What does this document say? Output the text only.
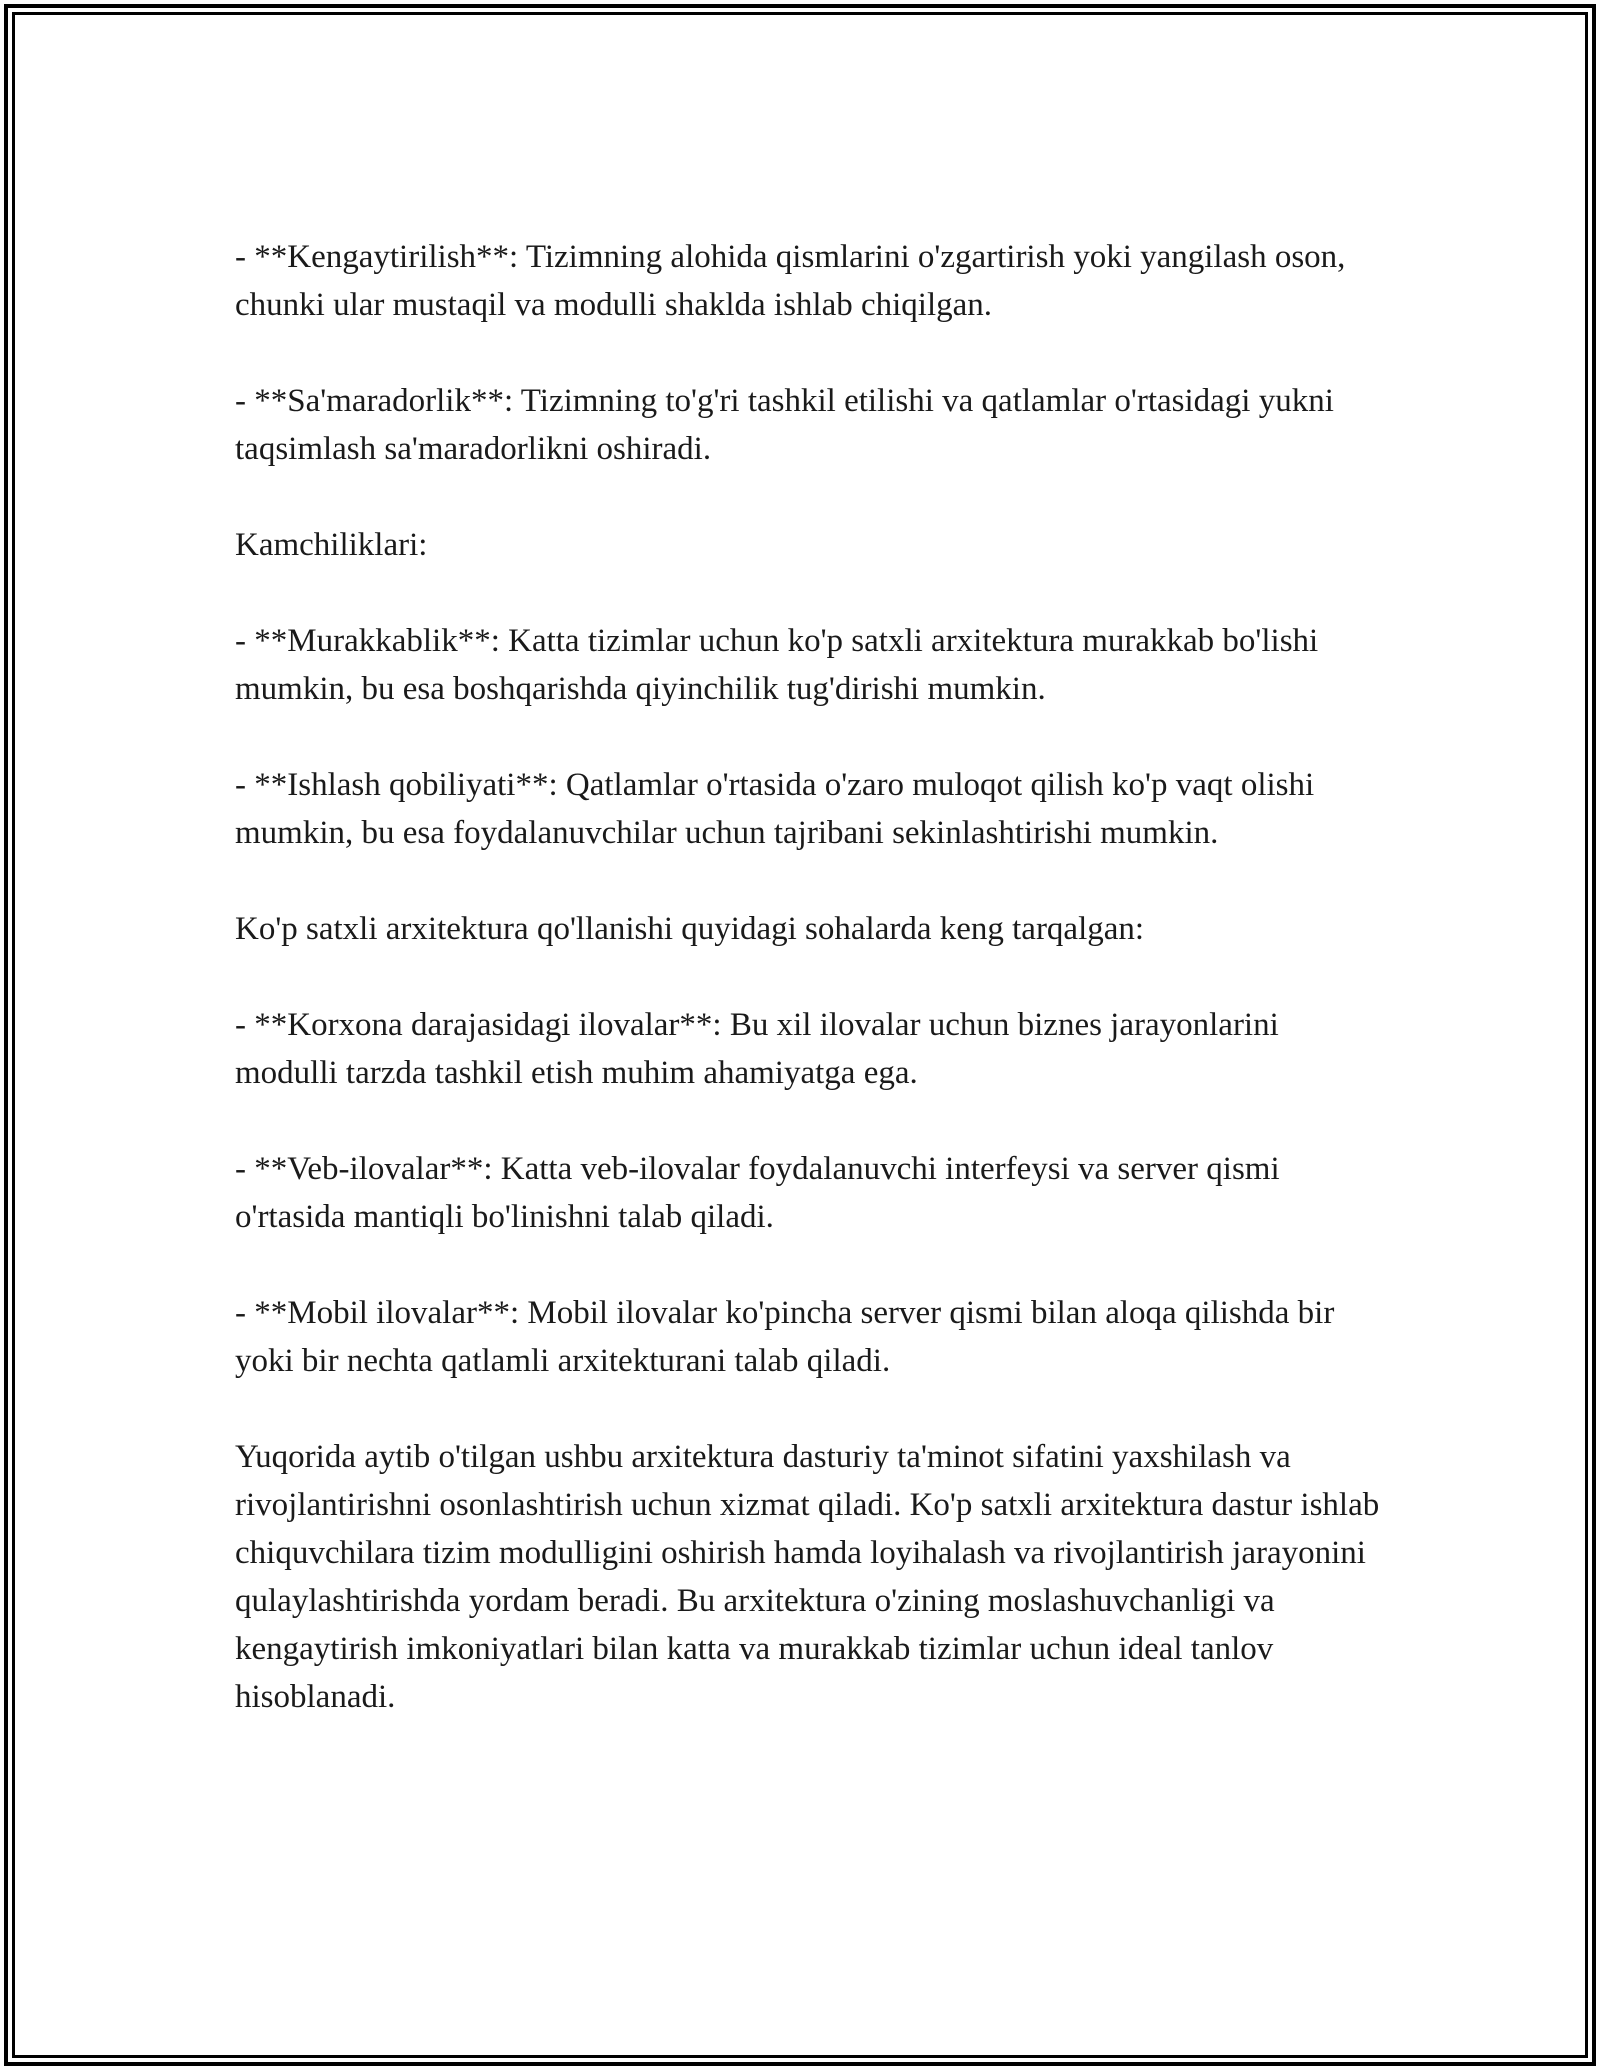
- **Kengaytirilish**: Tizimning alohida qismlarini o'zgartirish yoki yangilash oson, chunki ular mustaqil va modulli shaklda ishlab chiqilgan.

- **Sa'maradorlik**: Tizimning to'g'ri tashkil etilishi va qatlamlar o'rtasidagi yukni taqsimlash sa'maradorlikni oshiradi.

Kamchiliklari:

- **Murakkablik**: Katta tizimlar uchun ko'p satxli arxitektura murakkab bo'lishi mumkin, bu esa boshqarishda qiyinchilik tug'dirishi mumkin.

- **Ishlash qobiliyati**: Qatlamlar o'rtasida o'zaro muloqot qilish ko'p vaqt olishi mumkin, bu esa foydalanuvchilar uchun tajribani sekinlashtirishi mumkin.

Ko'p satxli arxitektura qo'llanishi quyidagi sohalarda keng tarqalgan:

- **Korxona darajasidagi ilovalar**: Bu xil ilovalar uchun biznes jarayonlarini modulli tarzda tashkil etish muhim ahamiyatga ega.

- **Veb-ilovalar**: Katta veb-ilovalar foydalanuvchi interfeysi va server qismi o'rtasida mantiqli bo'linishni talab qiladi.

- **Mobil ilovalar**: Mobil ilovalar ko'pincha server qismi bilan aloqa qilishda bir yoki bir nechta qatlamli arxitekturani talab qiladi.

Yuqorida aytib o'tilgan ushbu arxitektura dasturiy ta'minot sifatini yaxshilash va rivojlantirishni osonlashtirish uchun xizmat qiladi. Ko'p satxli arxitektura dastur ishlab chiquvchilara tizim modulligini oshirish hamda loyihalash va rivojlantirish jarayonini qulaylashtirishda yordam beradi. Bu arxitektura o'zining moslashuvchanligi va kengaytirish imkoniyatlari bilan katta va murakkab tizimlar uchun ideal tanlov hisoblanadi.
